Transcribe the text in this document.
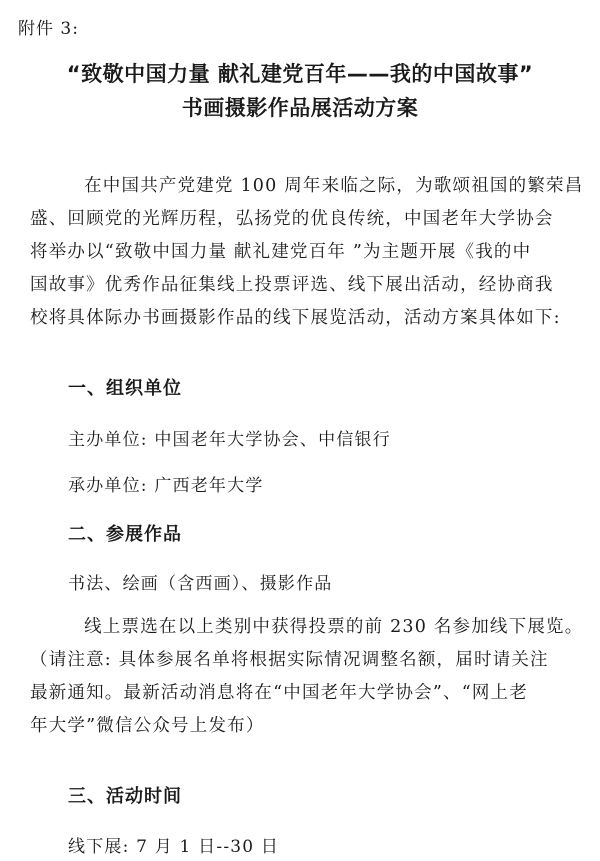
附件 3:
“致敬中国力量 献礼建党百年——我的中国故事”
书画摄影作品展活动方案
在中国共产党建党 100 周年来临之际，为歌颂祖国的繁荣昌
盛、回顾党的光辉历程，弘扬党的优良传统，中国老年大学协会
将举办以“致敬中国力量 献礼建党百年 ”为主题开展《我的中
国故事》优秀作品征集线上投票评选、线下展出活动，经协商我
校将具体际办书画摄影作品的线下展览活动，活动方案具体如下:
一、组织单位
主办单位: 中国老年大学协会、中信银行
承办单位: 广西老年大学
二、参展作品
书法、绘画（含西画）、摄影作品
线上票选在以上类别中获得投票的前 230 名参加线下展览。
（请注意: 具体参展名单将根据实际情况调整名额，届时请关注
最新通知。最新活动消息将在“中国老年大学协会”、“网上老
年大学”微信公众号上发布）
三、活动时间
线下展: 7 月 1 日--30 日
